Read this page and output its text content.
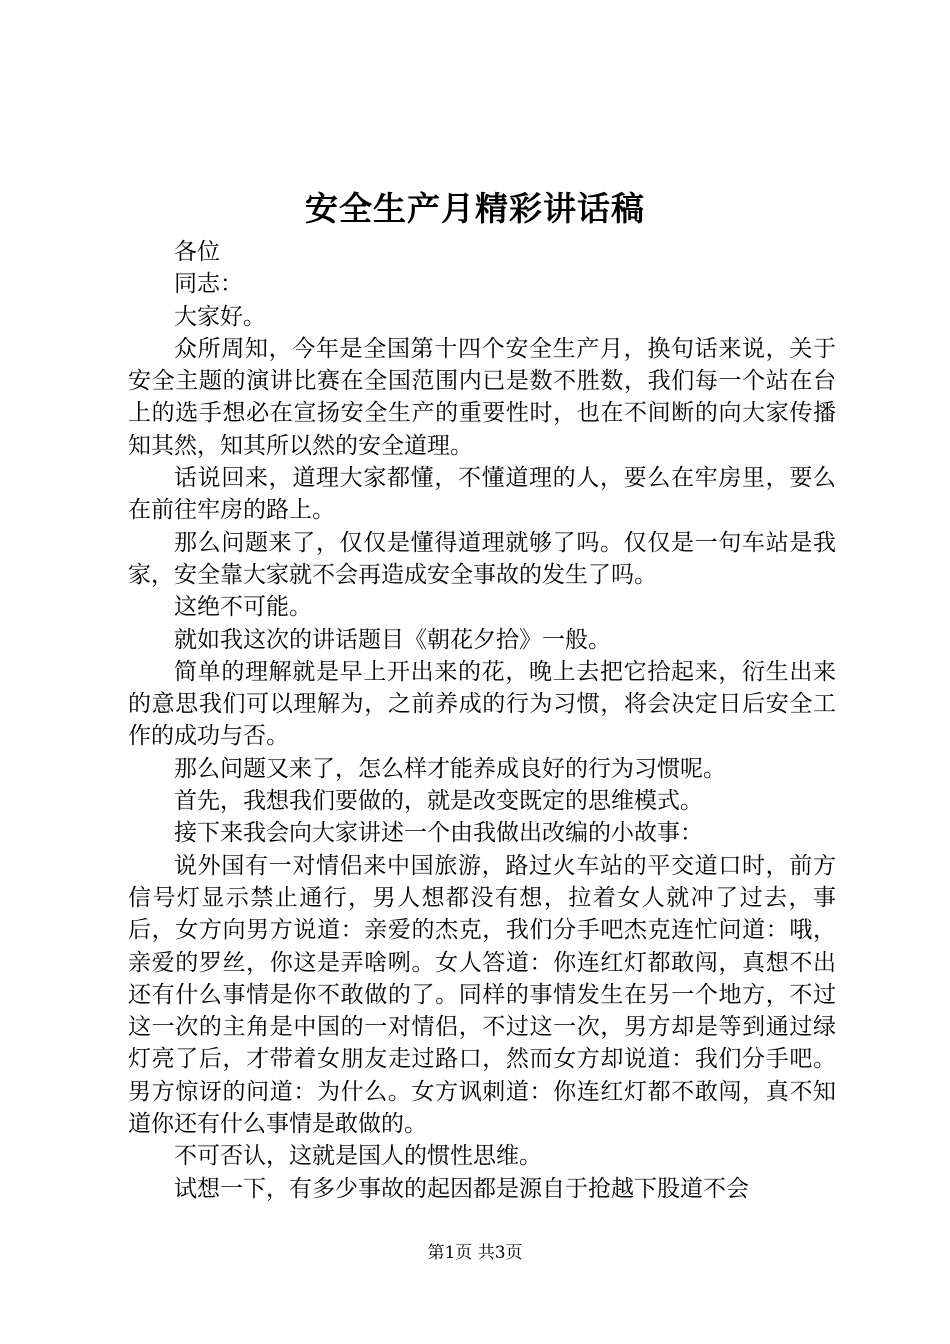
安全生产月精彩讲话稿

各位

同志：

大家好。

众所周知，今年是全国第十四个安全生产月，换句话来说，关于安全主题的演讲比赛在全国范围内已是数不胜数，我们每一个站在台上的选手想必在宣扬安全生产的重要性时，也在不间断的向大家传播知其然，知其所以然的安全道理。

话说回来，道理大家都懂，不懂道理的人，要么在牢房里，要么在前往牢房的路上。

那么问题来了，仅仅是懂得道理就够了吗。仅仅是一句车站是我家，安全靠大家就不会再造成安全事故的发生了吗。

这绝不可能。

就如我这次的讲话题目《朝花夕拾》一般。

简单的理解就是早上开出来的花，晚上去把它拾起来，衍生出来的意思我们可以理解为，之前养成的行为习惯，将会决定日后安全工作的成功与否。

那么问题又来了，怎么样才能养成良好的行为习惯呢。

首先，我想我们要做的，就是改变既定的思维模式。

接下来我会向大家讲述一个由我做出改编的小故事：

说外国有一对情侣来中国旅游，路过火车站的平交道口时，前方信号灯显示禁止通行，男人想都没有想，拉着女人就冲了过去，事后，女方向男方说道：亲爱的杰克，我们分手吧杰克连忙问道：哦，亲爱的罗丝，你这是弄啥咧。女人答道：你连红灯都敢闯，真想不出还有什么事情是你不敢做的了。同样的事情发生在另一个地方，不过这一次的主角是中国的一对情侣，不过这一次，男方却是等到通过绿灯亮了后，才带着女朋友走过路口，然而女方却说道：我们分手吧。男方惊讶的问道：为什么。女方讽刺道：你连红灯都不敢闯，真不知道你还有什么事情是敢做的。

不可否认，这就是国人的惯性思维。

试想一下，有多少事故的起因都是源自于抢越下股道不会

第1页 共3页
